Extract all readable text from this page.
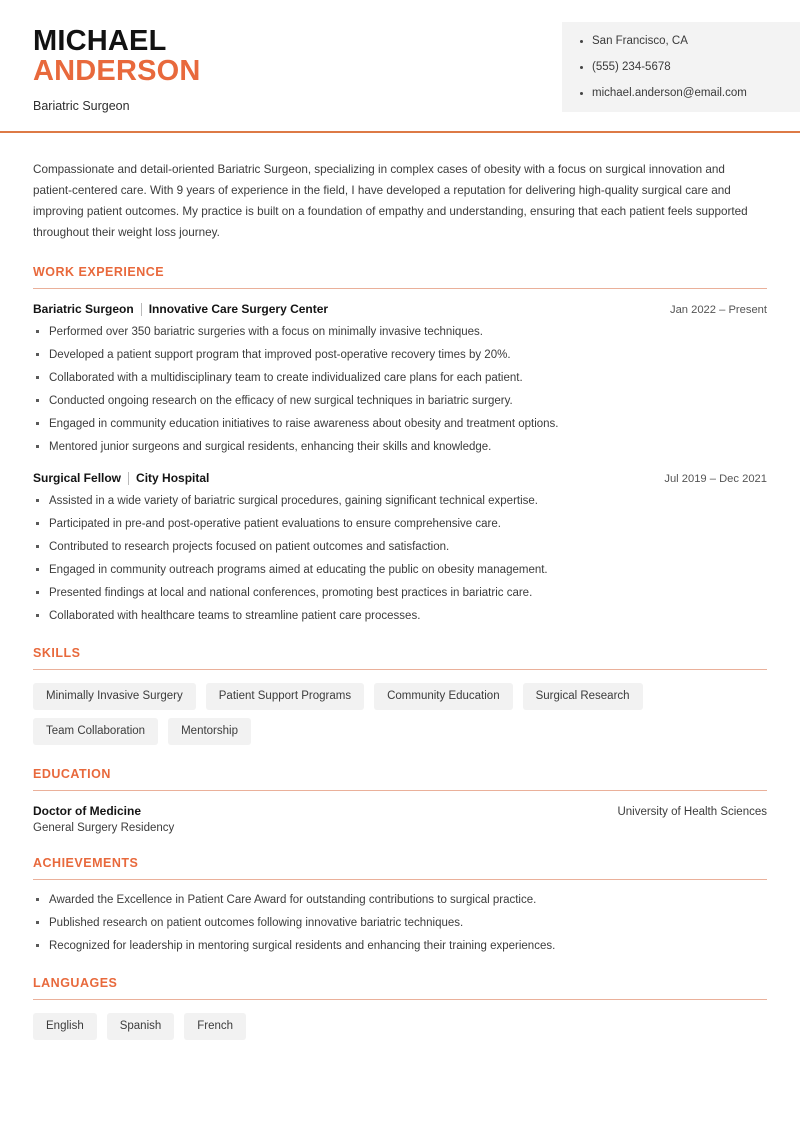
MICHAEL
ANDERSON
Bariatric Surgeon
San Francisco, CA
(555) 234-5678
michael.anderson@email.com

Compassionate and detail-oriented Bariatric Surgeon, specializing in complex cases of obesity with a focus on surgical innovation and patient-centered care. With 9 years of experience in the field, I have developed a reputation for delivering high-quality surgical care and improving patient outcomes. My practice is built on a foundation of empathy and understanding, ensuring that each patient feels supported throughout their weight loss journey.

WORK EXPERIENCE
Bariatric Surgeon Innovative Care Surgery Center	Jan 2022 – Present
Performed over 350 bariatric surgeries with a focus on minimally invasive techniques.
Developed a patient support program that improved post-operative recovery times by 20%.
Collaborated with a multidisciplinary team to create individualized care plans for each patient.
Conducted ongoing research on the efficacy of new surgical techniques in bariatric surgery.
Engaged in community education initiatives to raise awareness about obesity and treatment options.
Mentored junior surgeons and surgical residents, enhancing their skills and knowledge.
Surgical Fellow City Hospital	Jul 2019 – Dec 2021
Assisted in a wide variety of bariatric surgical procedures, gaining significant technical expertise.
Participated in pre-and post-operative patient evaluations to ensure comprehensive care.
Contributed to research projects focused on patient outcomes and satisfaction.
Engaged in community outreach programs aimed at educating the public on obesity management.
Presented findings at local and national conferences, promoting best practices in bariatric care.
Collaborated with healthcare teams to streamline patient care processes.
SKILLS
Minimally Invasive Surgery	Patient Support Programs	Community Education	Surgical Research
Team Collaboration	Mentorship
EDUCATION
Doctor of Medicine	University of Health Sciences
General Surgery Residency
ACHIEVEMENTS
Awarded the Excellence in Patient Care Award for outstanding contributions to surgical practice.
Published research on patient outcomes following innovative bariatric techniques.
Recognized for leadership in mentoring surgical residents and enhancing their training experiences.
LANGUAGES
English	Spanish	French
